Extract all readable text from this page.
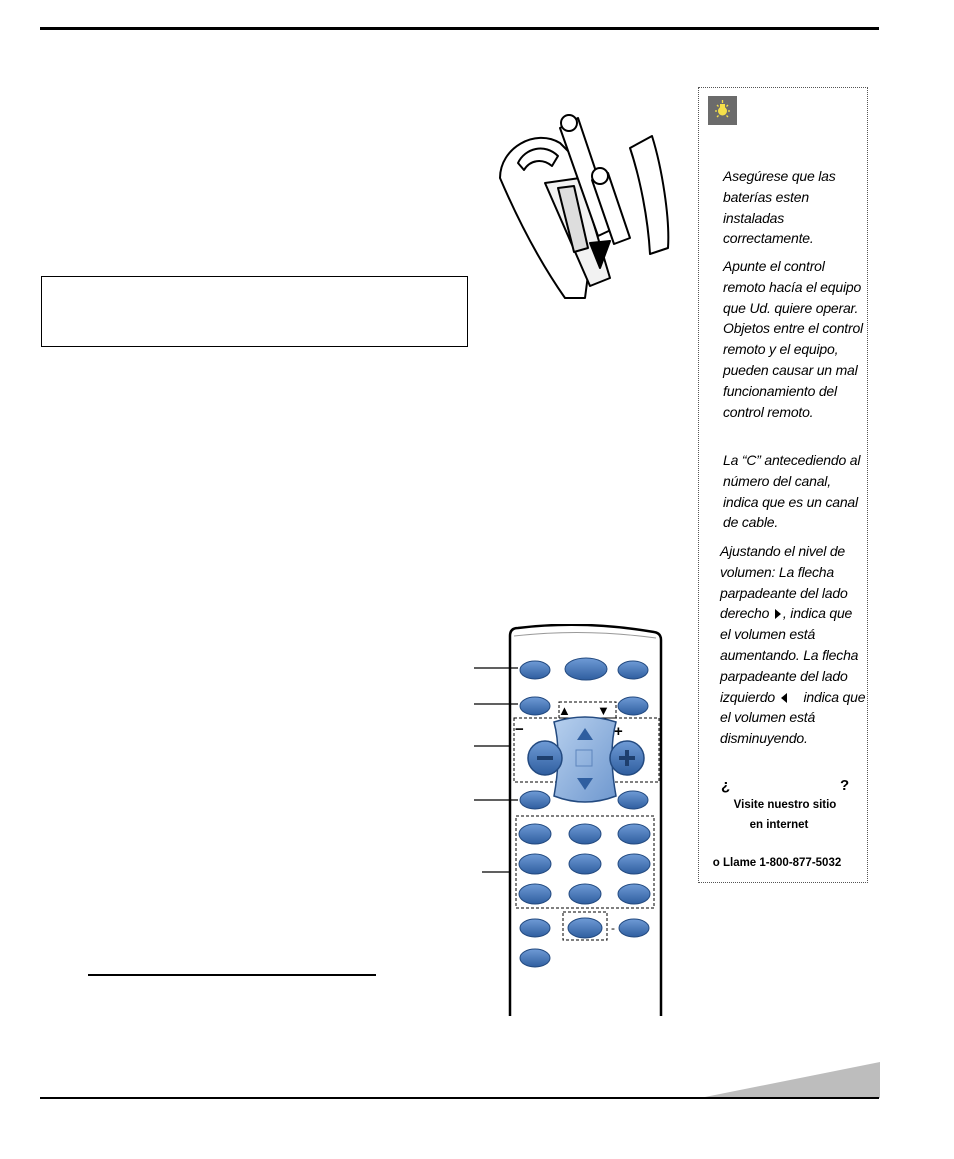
Asegúrese que las baterías esten instaladas correctamente.

Apunte el control remoto hacía el equipo que Ud. quiere operar. Objetos entre el control remoto y el equipo, pueden causar un mal funcionamiento del control remoto.

La “C” antecediendo al número del canal, indica que es un canal de cable.

Ajustando el nivel de volumen: La flecha parpadeante del lado derecho , indica que el volumen está aumentando. La flecha parpadeante del lado izquierdo indica que el volumen está disminuyendo.

¿	?
Visite nuestro sitio
en internet
o Llame 1-800-877-5032
▲ ▼
−	+
-
